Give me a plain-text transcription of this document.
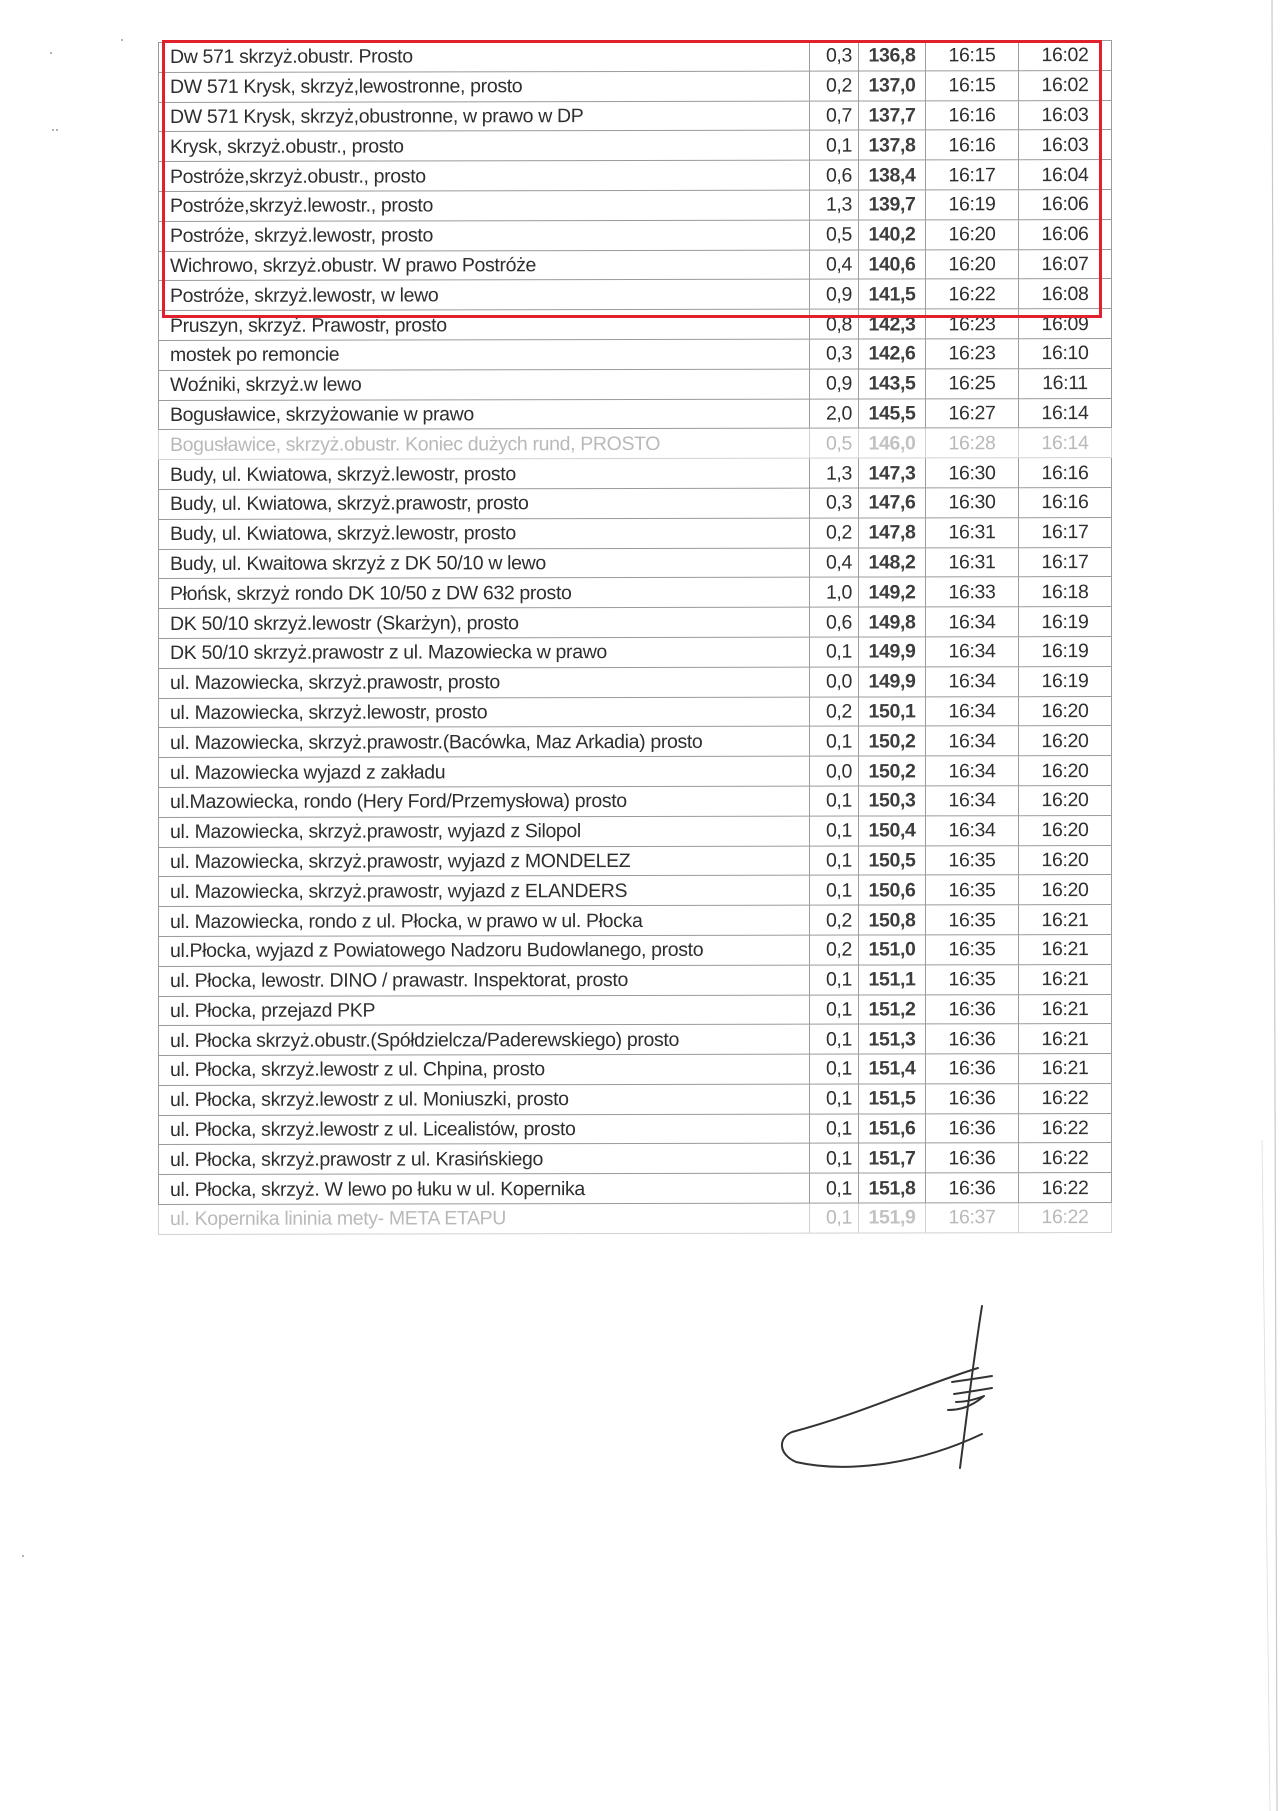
Dw 571 skrzyż.obustr. Prosto	0,3	136,8	16:15	16:02
DW 571 Krysk, skrzyż,lewostronne, prosto	0,2	137,0	16:15	16:02
DW 571 Krysk, skrzyż,obustronne, w prawo w DP	0,7	137,7	16:16	16:03
Krysk, skrzyż.obustr., prosto	0,1	137,8	16:16	16:03
Postróże,skrzyż.obustr., prosto	0,6	138,4	16:17	16:04
Postróże,skrzyż.lewostr., prosto	1,3	139,7	16:19	16:06
Postróże, skrzyż.lewostr, prosto	0,5	140,2	16:20	16:06
Wichrowo, skrzyż.obustr. W prawo Postróże	0,4	140,6	16:20	16:07
Postróże, skrzyż.lewostr, w lewo	0,9	141,5	16:22	16:08
Pruszyn, skrzyż. Prawostr, prosto	0,8	142,3	16:23	16:09
mostek po remoncie	0,3	142,6	16:23	16:10
Woźniki, skrzyż.w lewo	0,9	143,5	16:25	16:11
Bogusławice, skrzyżowanie w prawo	2,0	145,5	16:27	16:14
Bogusławice, skrzyż.obustr. Koniec dużych rund, PROSTO	0,5	146,0	16:28	16:14
Budy, ul. Kwiatowa, skrzyż.lewostr, prosto	1,3	147,3	16:30	16:16
Budy, ul. Kwiatowa, skrzyż.prawostr, prosto	0,3	147,6	16:30	16:16
Budy, ul. Kwiatowa, skrzyż.lewostr, prosto	0,2	147,8	16:31	16:17
Budy, ul. Kwaitowa skrzyż z DK 50/10 w lewo	0,4	148,2	16:31	16:17
Płońsk, skrzyż rondo DK 10/50 z DW 632 prosto	1,0	149,2	16:33	16:18
DK 50/10 skrzyż.lewostr (Skarżyn), prosto	0,6	149,8	16:34	16:19
DK 50/10 skrzyż.prawostr z ul. Mazowiecka w prawo	0,1	149,9	16:34	16:19
ul. Mazowiecka, skrzyż.prawostr, prosto	0,0	149,9	16:34	16:19
ul. Mazowiecka, skrzyż.lewostr, prosto	0,2	150,1	16:34	16:20
ul. Mazowiecka, skrzyż.prawostr.(Bacówka, Maz Arkadia) prosto	0,1	150,2	16:34	16:20
ul. Mazowiecka wyjazd z zakładu	0,0	150,2	16:34	16:20
ul.Mazowiecka, rondo (Hery Ford/Przemysłowa) prosto	0,1	150,3	16:34	16:20
ul. Mazowiecka, skrzyż.prawostr, wyjazd z Silopol	0,1	150,4	16:34	16:20
ul. Mazowiecka, skrzyż.prawostr, wyjazd z MONDELEZ	0,1	150,5	16:35	16:20
ul. Mazowiecka, skrzyż.prawostr, wyjazd z ELANDERS	0,1	150,6	16:35	16:20
ul. Mazowiecka, rondo z ul. Płocka, w prawo w ul. Płocka	0,2	150,8	16:35	16:21
ul.Płocka, wyjazd z Powiatowego Nadzoru Budowlanego, prosto	0,2	151,0	16:35	16:21
ul. Płocka, lewostr. DINO / prawastr. Inspektorat, prosto	0,1	151,1	16:35	16:21
ul. Płocka, przejazd PKP	0,1	151,2	16:36	16:21
ul. Płocka skrzyż.obustr.(Spółdzielcza/Paderewskiego) prosto	0,1	151,3	16:36	16:21
ul. Płocka, skrzyż.lewostr z ul. Chpina, prosto	0,1	151,4	16:36	16:21
ul. Płocka, skrzyż.lewostr z ul. Moniuszki, prosto	0,1	151,5	16:36	16:22
ul. Płocka, skrzyż.lewostr z ul. Licealistów, prosto	0,1	151,6	16:36	16:22
ul. Płocka, skrzyż.prawostr z ul. Krasińskiego	0,1	151,7	16:36	16:22
ul. Płocka, skrzyż. W lewo po łuku w ul. Kopernika	0,1	151,8	16:36	16:22
ul. Kopernika lininia mety- META ETAPU	0,1	151,9	16:37	16:22
